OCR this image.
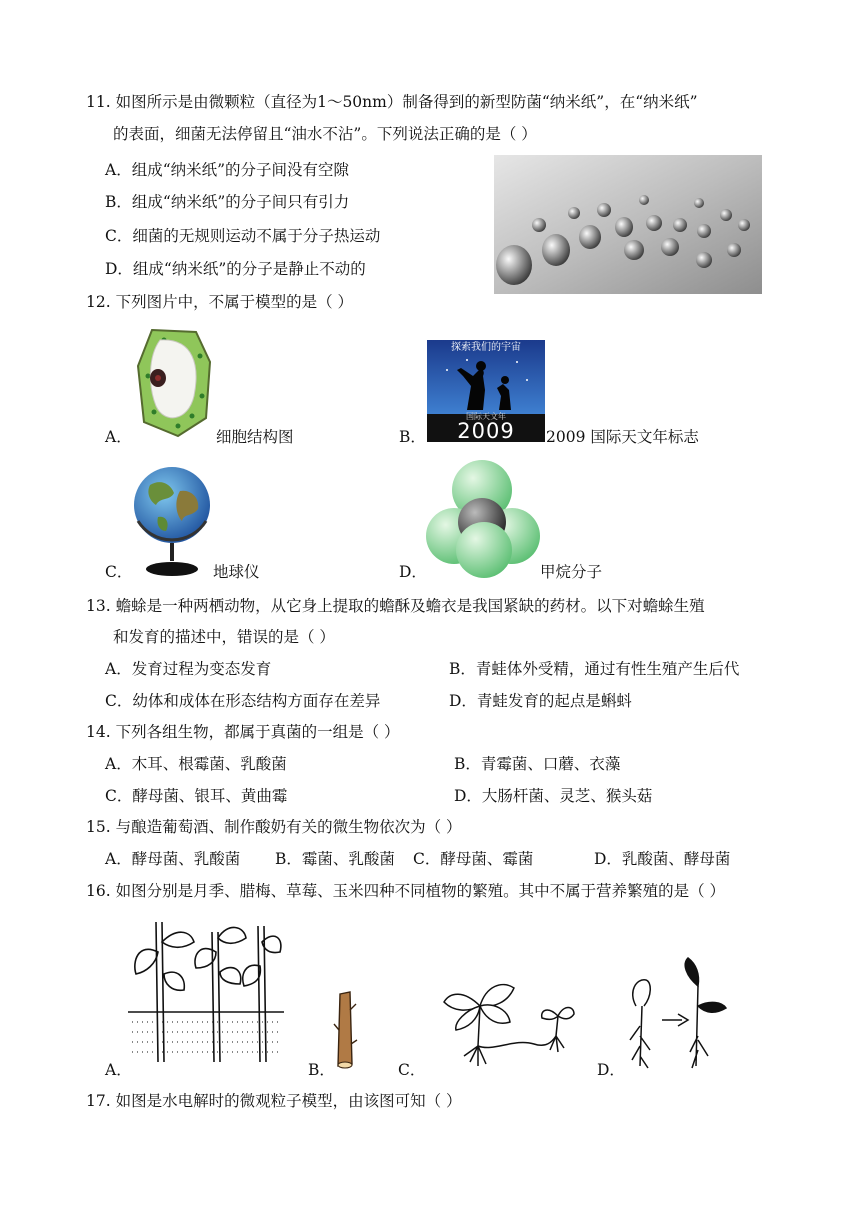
11. 如图所示是由微颗粒（直径为1～50nm）制备得到的新型防菌“纳米纸”，在“纳米纸”
的表面，细菌无法停留且“油水不沾”。下列说法正确的是（ ）
A．组成“纳米纸”的分子间没有空隙
B．组成“纳米纸”的分子间只有引力
C．细菌的无规则运动不属于分子热运动
D．组成“纳米纸”的分子是静止不动的
12. 下列图片中，不属于模型的是（ ）
A．	细胞结构图	B．
探索我们的宇宙
国际天文年
2009	2009 国际天文年标志
C．	地球仪	D．	甲烷分子
13. 蟾蜍是一种两栖动物，从它身上提取的蟾酥及蟾衣是我国紧缺的药材。以下对蟾蜍生殖
和发育的描述中，错误的是（ ）
A．发育过程为变态发育	B．青蛙体外受精，通过有性生殖产生后代
C．幼体和成体在形态结构方面存在差异	D．青蛙发育的起点是蝌蚪
14. 下列各组生物，都属于真菌的一组是（ ）
A．木耳、根霉菌、乳酸菌	B．青霉菌、口蘑、衣藻
C．酵母菌、银耳、黄曲霉	D．大肠杆菌、灵芝、猴头菇
15. 与酿造葡萄酒、制作酸奶有关的微生物依次为（ ）
A．酵母菌、乳酸菌 B．霉菌、乳酸菌 C．酵母菌、霉菌	D．乳酸菌、酵母菌
16. 如图分别是月季、腊梅、草莓、玉米四种不同植物的繁殖。其中不属于营养繁殖的是（ ）
A．	B．	C．	D．
17. 如图是水电解时的微观粒子模型，由该图可知（ ）
